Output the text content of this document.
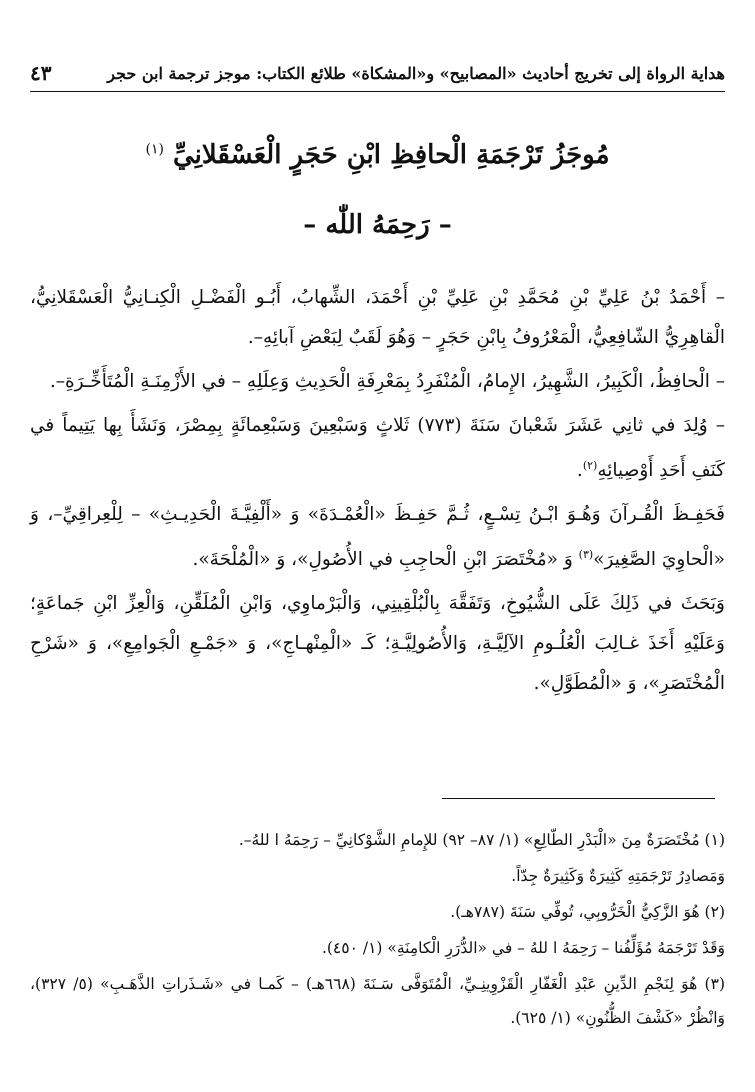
هداية الرواة إلى تخريج أحاديث «المصابيح» و«المشكاة» طلائع الكتاب: موجز ترجمة ابن حجر
٤٣
مُوجَزُ تَرْجَمَةِ الْحافِظِ ابْنِ حَجَرٍ الْعَسْقَلانِيِّ $^{(١)}$
– رَحِمَهُ اللّٰه –

– أَحْمَدُ بْنُ عَلِيِّ بْنِ مُحَمَّدِ بْنِ عَلِيِّ بْنِ أَحْمَدَ، الشِّهابُ، أَبُـو الْفَضْـلِ الْكِنـانِيُّ الْعَسْقَلانِيُّ، الْقاهِرِيُّ الشّافِعِيُّ، الْمَعْرُوفُ بِابْنِ حَجَرٍ – وَهُوَ لَقَبٌ لِبَعْضِ آبائِهِ–.

– الْحافِظُ، الْكَبِيرُ، الشَّهِيرُ، الإِمامُ، الْمُنْفَرِدُ بِمَعْرِفَةِ الْحَدِيثِ وَعِلَلِهِ – في الأَزْمِنَـةِ الْمُتَأَخِّـرَةِ–.

– وُلِدَ في ثانِي عَشَرَ شَعْبانَ سَنَةَ (٧٧٣) ثَلاثٍ وَسَبْعِينَ وَسَبْعِمائَةٍ بِمِصْرَ، وَنَشَأَ بِها يَتِيماً في كَنَفِ أَحَدِ أَوْصِيائِهِ$^{(٢)}$.

فَحَفِـظَ الْقُـرآنَ وَهُـوَ ابْـنُ تِسْـعٍ، ثُـمَّ حَفِـظَ «الْعُمْـدَةَ» وَ «أَلْفِيَّـةَ الْحَدِيـثِ» – لِلْعِراقِيِّ–، وَ «الْحاوِيَ الصَّغِيرَ»$^{(٣)}$ وَ «مُخْتَصَرَ ابْنِ الْحاجِبِ في الأُصُولِ»، وَ «الْمُلْحَةَ».

وَبَحَثَ في ذَلِكَ عَلَى الشُّيُوخِ، وَتَفَقَّهَ بِالْبُلْقِينِي، وَالْبَرْماوِي، وَابْنِ الْمُلَقِّنِ، وَالْعِزِّ ابْنِ جَماعَةٍ؛ وَعَلَيْهِ أَخَذَ غـالِبَ الْعُلُـومِ الآلِيَّـةِ، وَالأُصُولِيَّـةِ؛ كَـ «الْمِنْهـاجِ»، وَ «جَمْـعِ الْجَوامِعِ»، وَ «شَرْحِ الْمُخْتَصَرِ»، وَ «الْمُطَوَّلِ».

(١) مُخْتَصَرَةٌ مِنَ «الْبَدْرِ الطّالِعِ» (١/ ٨٧– ٩٢) للإِمامِ الشَّوْكانِيِّ – رَحِمَهُ ا للهُ–.

وَمَصادِرُ تَرْجَمَتِهِ كَثِيرَةٌ وَكَثِيرَةٌ جِدّاً.

(٢) هُوَ الزَّكِيُّ الْخَرُّوبِي، تُوفِّي سَنَةَ (٧٨٧هـ).

وَقَدْ تَرْجَمَهُ مُؤَلِّفُنا – رَحِمَهُ ا للهُ – في «الدُّرَرِ الْكامِنَةِ» (١/ ٤٥٠).

(٣) هُوَ لِنَجْمِ الدِّينِ عَبْدِ الْغَفّارِ الْقَزْوِينِـيِّ، الْمُتَوَفَّى سَـنَةَ (٦٦٨هـ) – كَمـا في «شَـذَراتِ الذَّهَـبِ» (٥/ ٣٢٧)، وَانْظُرْ «كَشْفَ الظُّنُونِ» (١/ ٦٢٥).
